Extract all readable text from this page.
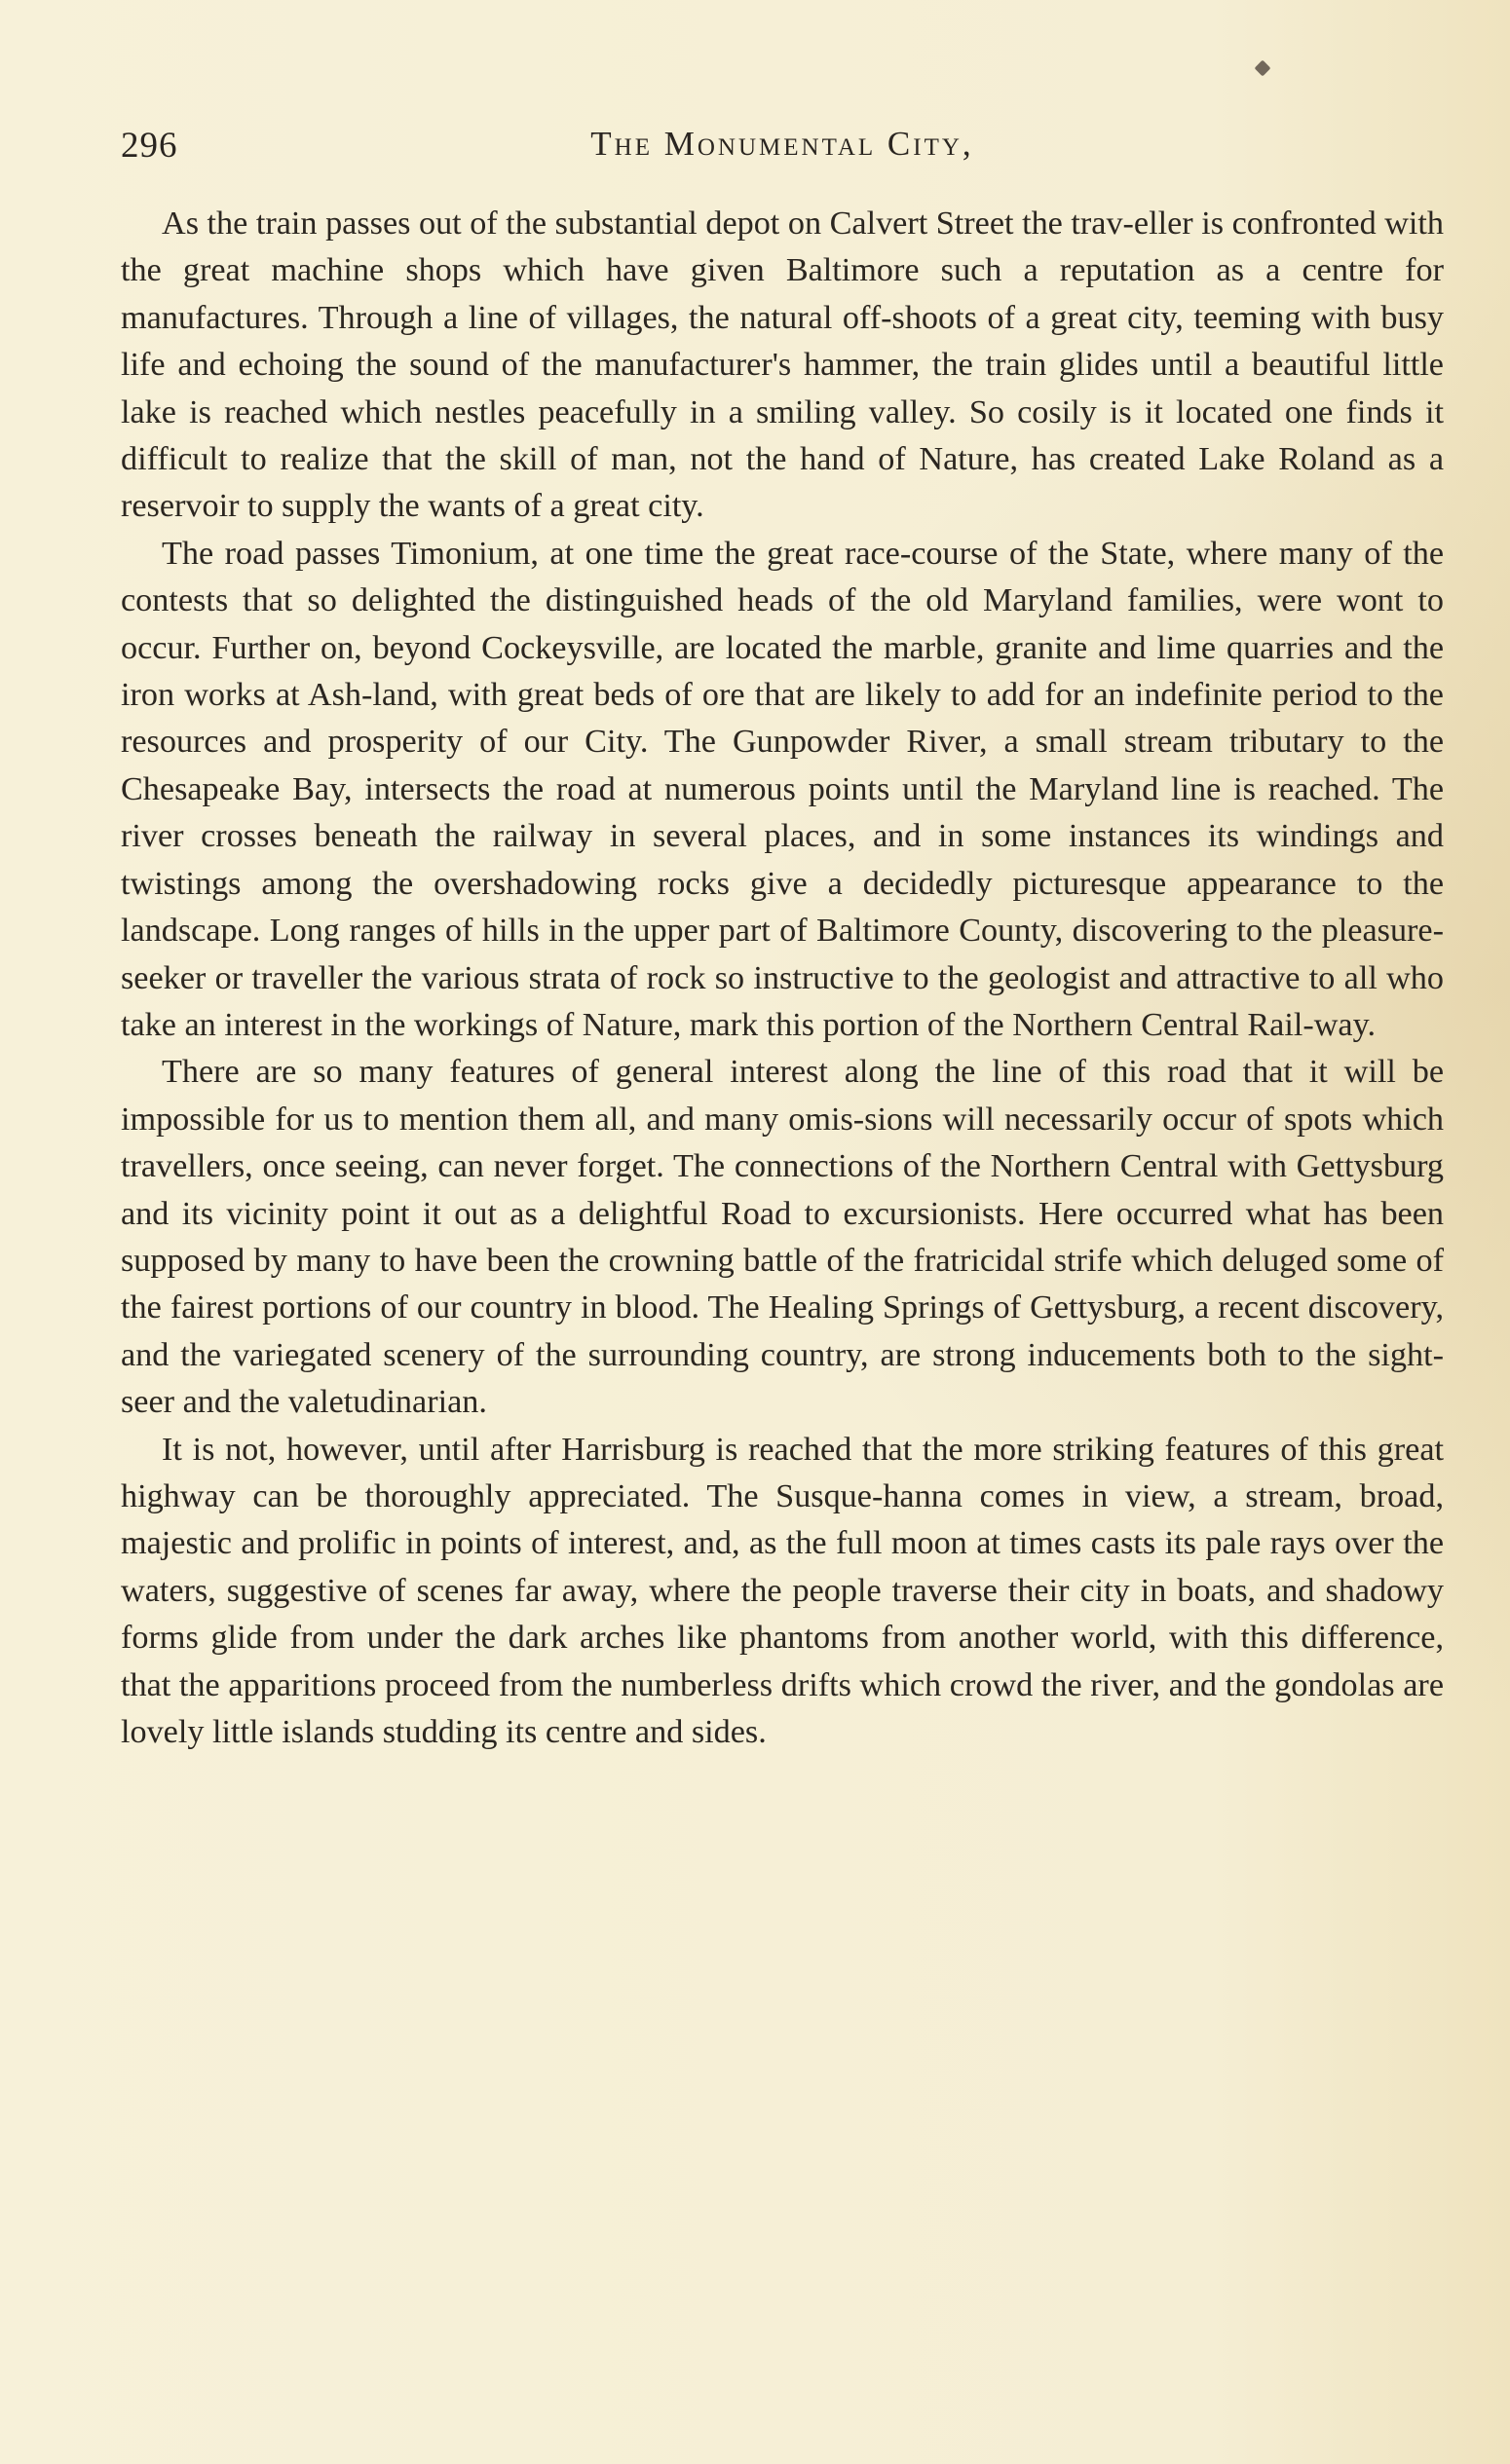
296	The Monumental City,

As the train passes out of the substantial depot on Calvert Street the trav-eller is confronted with the great machine shops which have given Baltimore such a reputation as a centre for manufactures. Through a line of villages, the natural off-shoots of a great city, teeming with busy life and echoing the sound of the manufacturer's hammer, the train glides until a beautiful little lake is reached which nestles peacefully in a smiling valley. So cosily is it located one finds it difficult to realize that the skill of man, not the hand of Nature, has created Lake Roland as a reservoir to supply the wants of a great city.

The road passes Timonium, at one time the great race-course of the State, where many of the contests that so delighted the distinguished heads of the old Maryland families, were wont to occur. Further on, beyond Cockeysville, are located the marble, granite and lime quarries and the iron works at Ash-land, with great beds of ore that are likely to add for an indefinite period to the resources and prosperity of our City. The Gunpowder River, a small stream tributary to the Chesapeake Bay, intersects the road at numerous points until the Maryland line is reached. The river crosses beneath the railway in several places, and in some instances its windings and twistings among the overshadowing rocks give a decidedly picturesque appearance to the landscape. Long ranges of hills in the upper part of Baltimore County, discovering to the pleasure-seeker or traveller the various strata of rock so instructive to the geologist and attractive to all who take an interest in the workings of Nature, mark this portion of the Northern Central Rail-way.

There are so many features of general interest along the line of this road that it will be impossible for us to mention them all, and many omis-sions will necessarily occur of spots which travellers, once seeing, can never forget. The connections of the Northern Central with Gettysburg and its vicinity point it out as a delightful Road to excursionists. Here occurred what has been supposed by many to have been the crowning battle of the fratricidal strife which deluged some of the fairest portions of our country in blood. The Healing Springs of Gettysburg, a recent discovery, and the variegated scenery of the surrounding country, are strong inducements both to the sight-seer and the valetudinarian.

It is not, however, until after Harrisburg is reached that the more striking features of this great highway can be thoroughly appreciated. The Susque-hanna comes in view, a stream, broad, majestic and prolific in points of interest, and, as the full moon at times casts its pale rays over the waters, suggestive of scenes far away, where the people traverse their city in boats, and shadowy forms glide from under the dark arches like phantoms from another world, with this difference, that the apparitions proceed from the numberless drifts which crowd the river, and the gondolas are lovely little islands studding its centre and sides.
